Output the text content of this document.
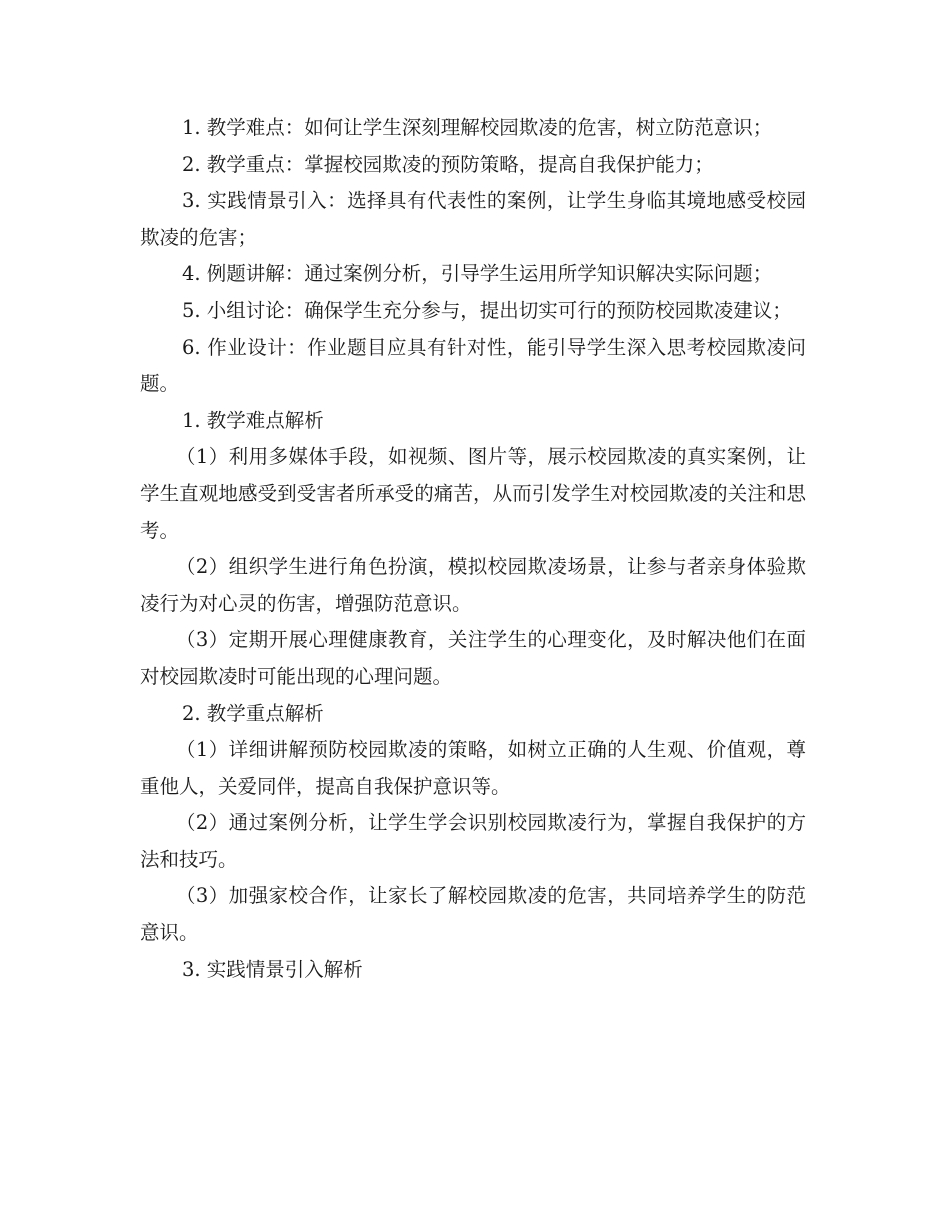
1. 教学难点：如何让学生深刻理解校园欺凌的危害，树立防范意识；

2. 教学重点：掌握校园欺凌的预防策略，提高自我保护能力；

3. 实践情景引入：选择具有代表性的案例，让学生身临其境地感受校园欺凌的危害；

4. 例题讲解：通过案例分析，引导学生运用所学知识解决实际问题；

5. 小组讨论：确保学生充分参与，提出切实可行的预防校园欺凌建议；

6. 作业设计：作业题目应具有针对性，能引导学生深入思考校园欺凌问题。

1. 教学难点解析

（1）利用多媒体手段，如视频、图片等，展示校园欺凌的真实案例，让学生直观地感受到受害者所承受的痛苦，从而引发学生对校园欺凌的关注和思考。

（2）组织学生进行角色扮演，模拟校园欺凌场景，让参与者亲身体验欺凌行为对心灵的伤害，增强防范意识。

（3）定期开展心理健康教育，关注学生的心理变化，及时解决他们在面对校园欺凌时可能出现的心理问题。

2. 教学重点解析

（1）详细讲解预防校园欺凌的策略，如树立正确的人生观、价值观，尊重他人，关爱同伴，提高自我保护意识等。

（2）通过案例分析，让学生学会识别校园欺凌行为，掌握自我保护的方法和技巧。

（3）加强家校合作，让家长了解校园欺凌的危害，共同培养学生的防范意识。

3. 实践情景引入解析
